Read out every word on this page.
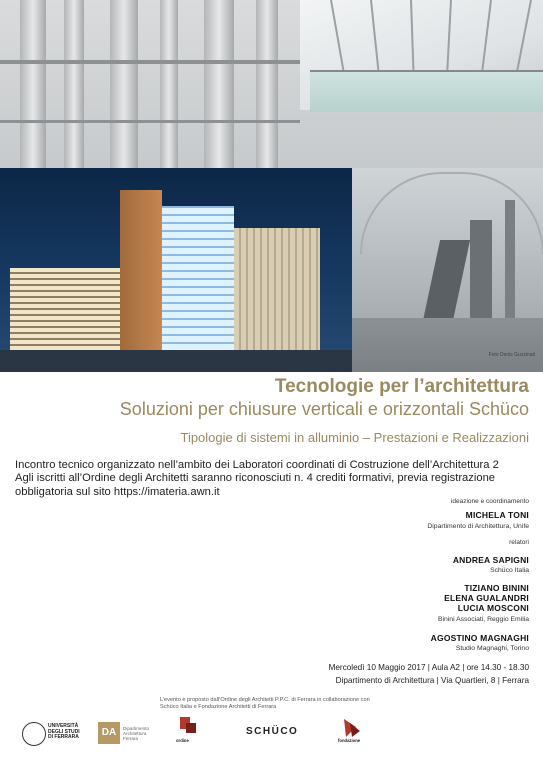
Foto Denis Guzzinati
Tecnologie per l’architettura
Soluzioni per chiusure verticali e orizzontali Schüco
Tipologie di sistemi in alluminio – Prestazioni e Realizzazioni
Incontro tecnico organizzato nell’ambito dei Laboratori coordinati di Costruzione dell’Architettura 2
Agli iscritti all’Ordine degli Architetti saranno riconosciuti n. 4 crediti formativi, previa registrazione
obbligatoria sul sito https://imateria.awn.it
ideazione e coordinamento
MICHELA TONI
Dipartimento di Architettura, Unife
relatori
ANDREA SAPIGNI
Schüco Italia
TIZIANO BININI
ELENA GUALANDRI
LUCIA MOSCONI
Binini Associati, Reggio Emilia
AGOSTINO MAGNAGHI
Studio Magnaghi, Torino
Mercoledì 10 Maggio 2017 | Aula A2 | ore 14.30 - 18.30
Dipartimento di Architettura | Via Quartieri, 8 | Ferrara
L’evento è proposto dall’Ordine degli Architetti P.P.C. di Ferrara in collaborazione con
Schüco Italia e Fondazione Architetti di Ferrara
UNIVERSITÀ
DEGLI STUDI
DI FERRARA	DA	Dipartimento
Architettura
Ferrara	ordine
SCHÜCO
fondazione
